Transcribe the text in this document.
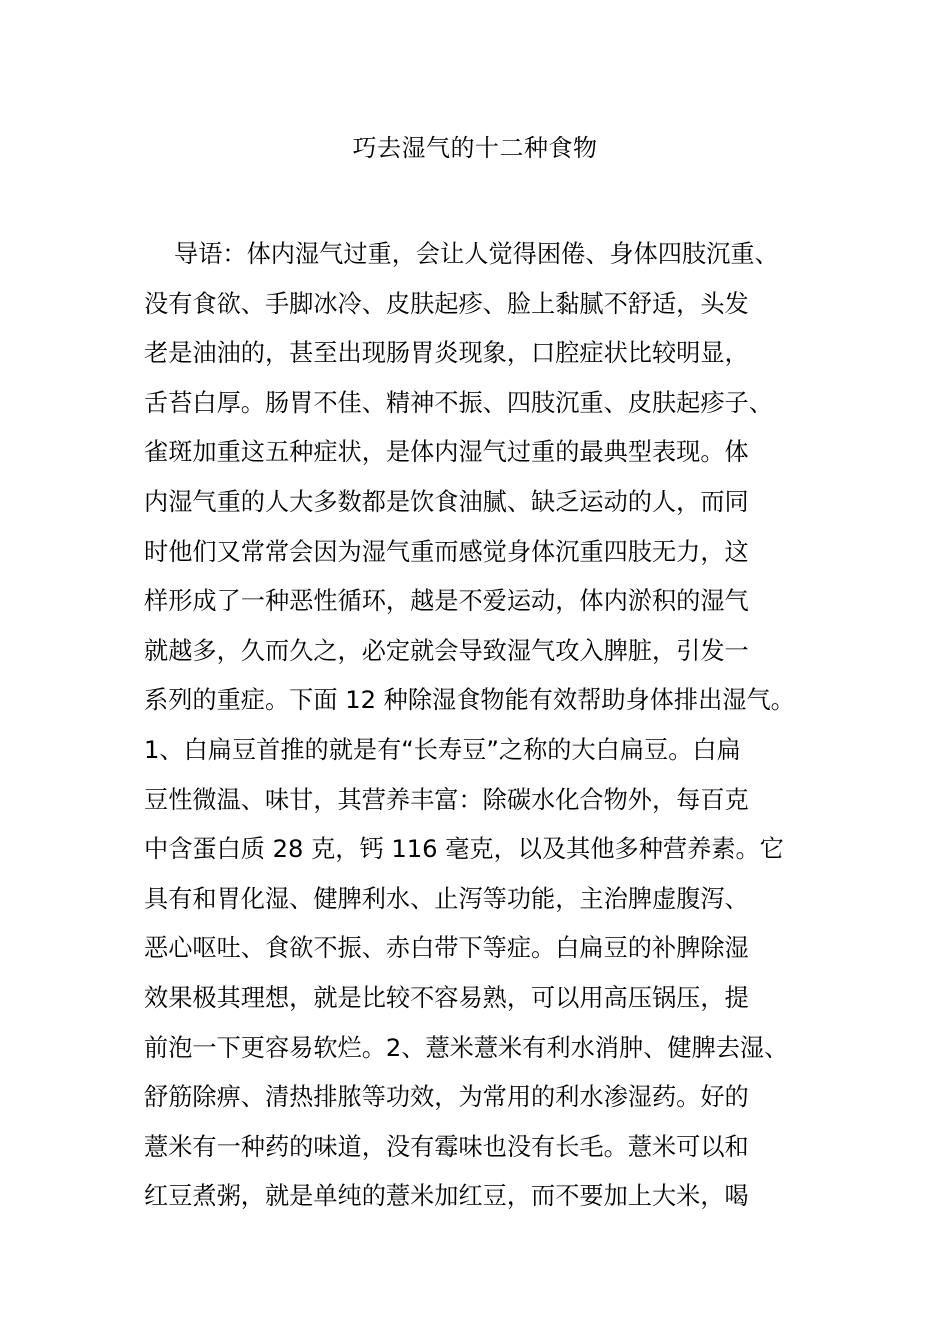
巧去湿气的十二种食物
导语：体内湿气过重，会让人觉得困倦、身体四肢沉重、
没有食欲、手脚冰冷、皮肤起疹、脸上黏腻不舒适，头发
老是油油的，甚至出现肠胃炎现象，口腔症状比较明显，
舌苔白厚。肠胃不佳、精神不振、四肢沉重、皮肤起疹子、
雀斑加重这五种症状，是体内湿气过重的最典型表现。体
内湿气重的人大多数都是饮食油腻、缺乏运动的人，而同
时他们又常常会因为湿气重而感觉身体沉重四肢无力，这
样形成了一种恶性循环，越是不爱运动，体内淤积的湿气
就越多，久而久之，必定就会导致湿气攻入脾脏，引发一
系列的重症。下面 12 种除湿食物能有效帮助身体排出湿气。
1、白扁豆首推的就是有“长寿豆”之称的大白扁豆。白扁
豆性微温、味甘，其营养丰富：除碳水化合物外，每百克
中含蛋白质 28 克，钙 116 毫克，以及其他多种营养素。它
具有和胃化湿、健脾利水、止泻等功能，主治脾虚腹泻、
恶心呕吐、食欲不振、赤白带下等症。白扁豆的补脾除湿
效果极其理想，就是比较不容易熟，可以用高压锅压，提
前泡一下更容易软烂。2、薏米薏米有利水消肿、健脾去湿、
舒筋除痹、清热排脓等功效，为常用的利水渗湿药。好的
薏米有一种药的味道，没有霉味也没有长毛。薏米可以和
红豆煮粥，就是单纯的薏米加红豆，而不要加上大米，喝
